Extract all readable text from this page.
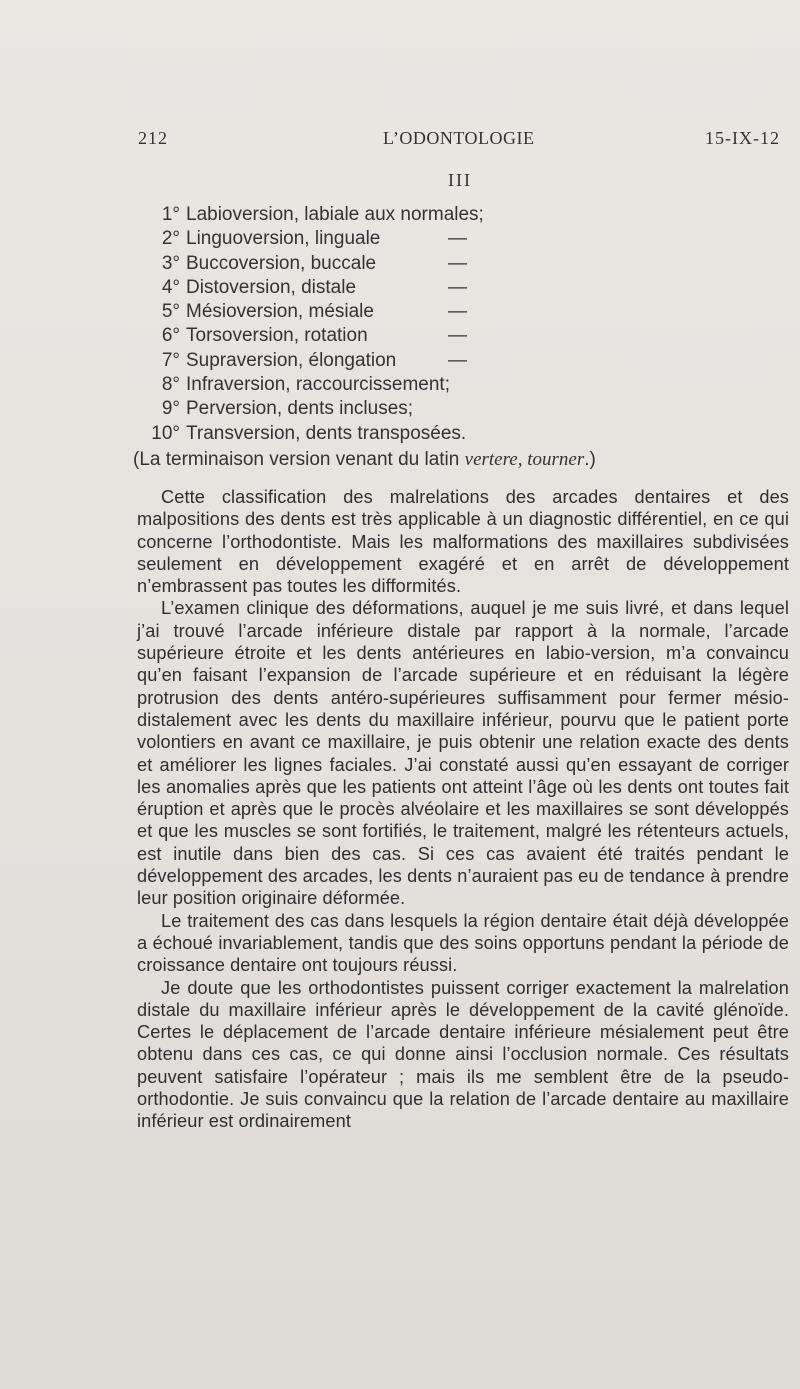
212	L’ODONTOLOGIE	15-IX-12
III
1° Labioversion, labiale aux normales;
2° Linguoversion, linguale	—
3° Buccoversion, buccale	—
4° Distoversion, distale	—
5° Mésioversion, mésiale	—
6° Torsoversion, rotation	—
7° Supraversion, élongation	—
8° Infraversion, raccourcissement;
9° Perversion, dents incluses;
10° Transversion, dents transposées.
(La terminaison version venant du latin vertere, tourner.)

Cette classification des malrelations des arcades dentaires et des malpositions des dents est très applicable à un diagnostic différentiel, en ce qui concerne l’orthodontiste. Mais les malformations des maxillaires subdivisées seulement en développement exagéré et en arrêt de développement n’embrassent pas toutes les difformités.

L’examen clinique des déformations, auquel je me suis livré, et dans lequel j’ai trouvé l’arcade inférieure distale par rapport à la normale, l’arcade supérieure étroite et les dents antérieures en labio-version, m’a convaincu qu’en faisant l’expansion de l’arcade supérieure et en réduisant la légère protrusion des dents antéro-supérieures suffisamment pour fermer mésio-distalement avec les dents du maxillaire inférieur, pourvu que le patient porte volontiers en avant ce maxillaire, je puis obtenir une relation exacte des dents et améliorer les lignes faciales. J’ai constaté aussi qu’en essayant de corriger les anomalies après que les patients ont atteint l’âge où les dents ont toutes fait éruption et après que le procès alvéolaire et les maxillaires se sont développés et que les muscles se sont fortifiés, le traitement, malgré les rétenteurs actuels, est inutile dans bien des cas. Si ces cas avaient été traités pendant le développement des arcades, les dents n’auraient pas eu de tendance à prendre leur position originaire déformée.

Le traitement des cas dans lesquels la région dentaire était déjà développée a échoué invariablement, tandis que des soins opportuns pendant la période de croissance dentaire ont toujours réussi.

Je doute que les orthodontistes puissent corriger exactement la malrelation distale du maxillaire inférieur après le développement de la cavité glénoïde. Certes le déplacement de l’arcade dentaire inférieure mésialement peut être obtenu dans ces cas, ce qui donne ainsi l’occlusion normale. Ces résultats peuvent satisfaire l’opérateur ; mais ils me semblent être de la pseudo-orthodontie. Je suis convaincu que la relation de l’arcade dentaire au maxillaire inférieur est ordinairement
